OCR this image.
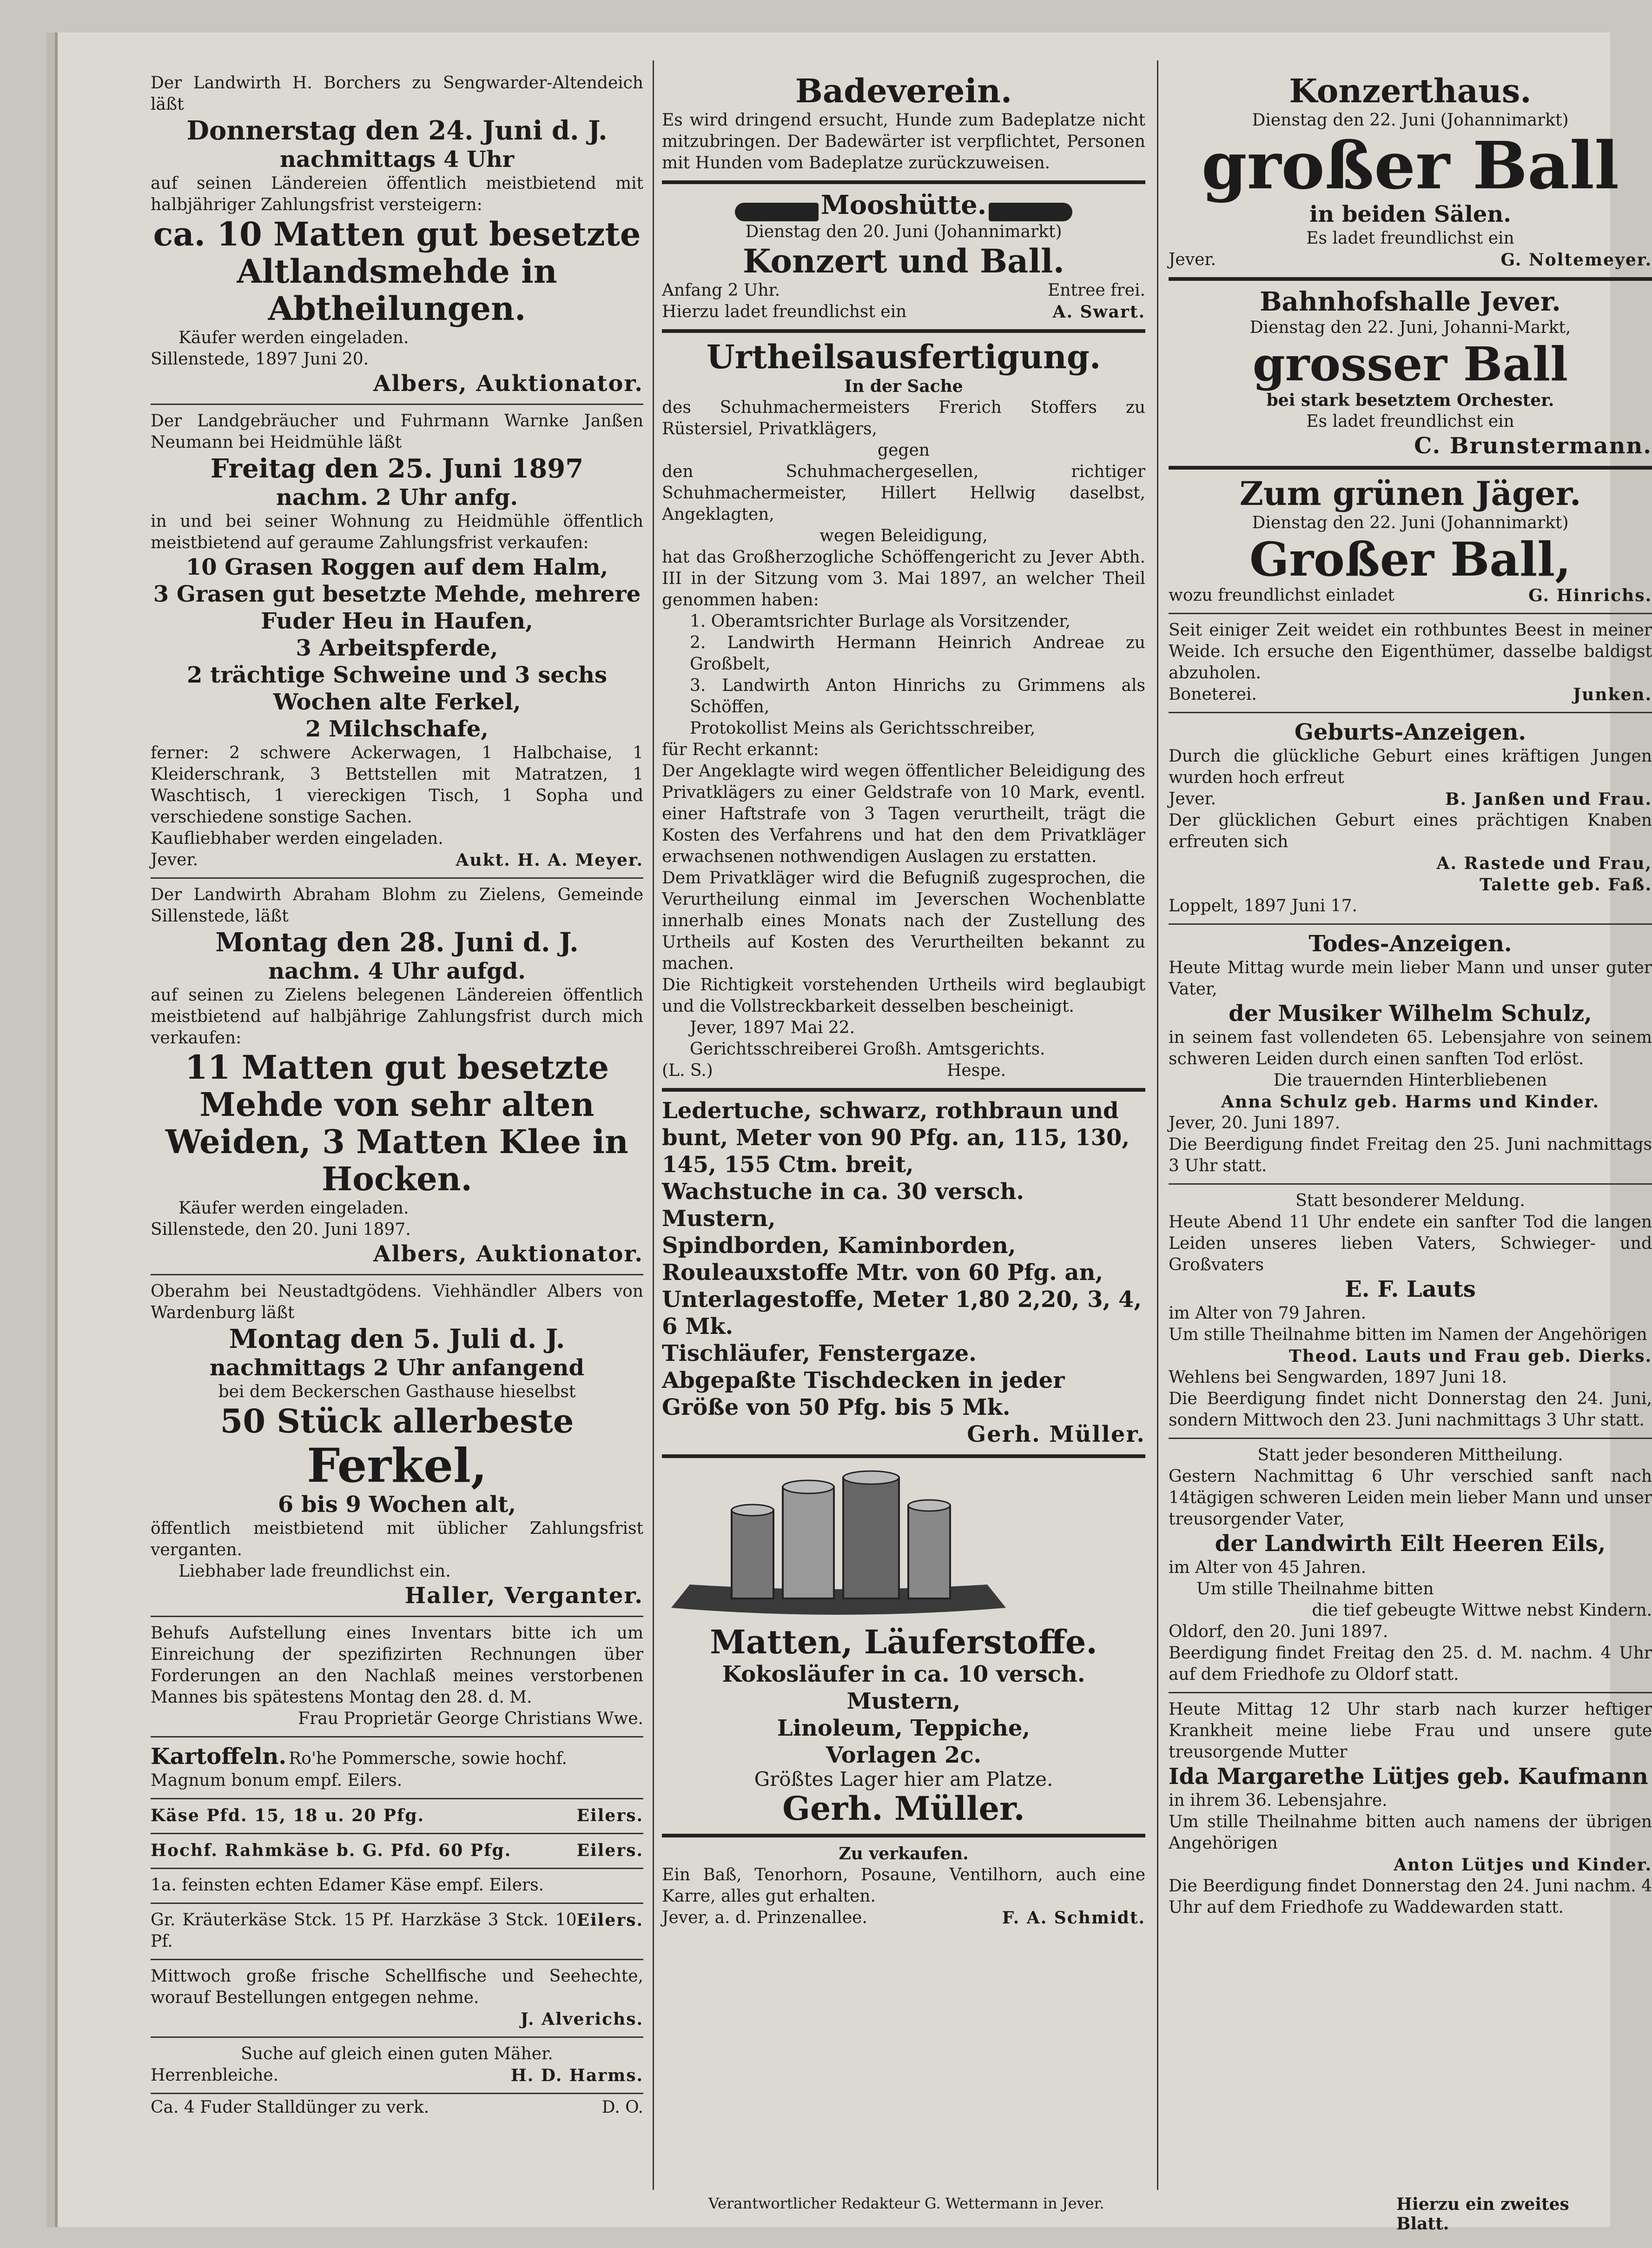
Der Landwirth H. Borchers zu Sengwarder-Altendeich läßt
Donnerstag den 24. Juni d. J.
nachmittags 4 Uhr
auf seinen Ländereien öffentlich meistbietend mit halbjähriger Zahlungsfrist versteigern:
ca. 10 Matten gut besetzte Altlandsmehde in Abtheilungen.
Käufer werden eingeladen.
Sillenstede, 1897 Juni 20.
Albers, Auktionator.
Der Landgebräucher und Fuhrmann Warnke Janßen Neumann bei Heidmühle läßt
Freitag den 25. Juni 1897
nachm. 2 Uhr anfg.
in und bei seiner Wohnung zu Heidmühle öffentlich meistbietend auf geraume Zahlungsfrist verkaufen:
10 Grasen Roggen auf dem Halm,
3 Grasen gut besetzte Mehde, mehrere Fuder Heu in Haufen,
3 Arbeitspferde,
2 trächtige Schweine und 3 sechs Wochen alte Ferkel,
2 Milchschafe,
ferner: 2 schwere Ackerwagen, 1 Halbchaise, 1 Kleiderschrank, 3 Bettstellen mit Matratzen, 1 Waschtisch, 1 viereckigen Tisch, 1 Sopha und verschiedene sonstige Sachen.
Kaufliebhaber werden eingeladen.
Jever.	Aukt. H. A. Meyer.
Der Landwirth Abraham Blohm zu Zielens, Gemeinde Sillenstede, läßt
Montag den 28. Juni d. J.
nachm. 4 Uhr aufgd.
auf seinen zu Zielens belegenen Ländereien öffentlich meistbietend auf halbjährige Zahlungsfrist durch mich verkaufen:
11 Matten gut besetzte Mehde von sehr alten Weiden, 3 Matten Klee in Hocken.
Käufer werden eingeladen.
Sillenstede, den 20. Juni 1897.
Albers, Auktionator.
Oberahm bei Neustadtgödens. Viehhändler Albers von Wardenburg läßt
Montag den 5. Juli d. J.
nachmittags 2 Uhr anfangend
bei dem Beckerschen Gasthause hieselbst
50 Stück allerbeste
Ferkel,
6 bis 9 Wochen alt,
öffentlich meistbietend mit üblicher Zahlungsfrist verganten.
Liebhaber lade freundlichst ein.
Haller, Verganter.
Behufs Aufstellung eines Inventars bitte ich um Einreichung der spezifizirten Rechnungen über Forderungen an den Nachlaß meines verstorbenen Mannes bis spätestens Montag den 28. d. M.
Frau Proprietär George Christians Wwe.
Kartoffeln. Ro'he Pommersche, sowie hochf. Magnum bonum empf. Eilers.
Käse Pfd. 15, 18 u. 20 Pfg.	Eilers.
Hochf. Rahmkäse b. G. Pfd. 60 Pfg.	Eilers.
1a. feinsten echten Edamer Käse empf. Eilers.
Gr. Kräuterkäse Stck. 15 Pf. Harzkäse 3 Stck. 10 Pf.
Eilers.
Mittwoch große frische Schellfische und Seehechte, worauf Bestellungen entgegen nehme.
J. Alverichs.
Suche auf gleich einen guten Mäher.
Herrenbleiche.	H. D. Harms.
Ca. 4 Fuder Stalldünger zu verk.	D. O.
Badeverein.
Es wird dringend ersucht, Hunde zum Badeplatze nicht mitzubringen. Der Badewärter ist verpflichtet, Personen mit Hunden vom Badeplatze zurückzuweisen.
Mooshütte.
Dienstag den 20. Juni (Johannimarkt)
Konzert und Ball.
Anfang 2 Uhr.	Entree frei.
Hierzu ladet freundlichst ein	A. Swart.
Urtheilsausfertigung.
In der Sache
des Schuhmachermeisters Frerich Stoffers zu Rüstersiel, Privatklägers,
gegen
den Schuhmachergesellen, richtiger Schuhmachermeister, Hillert Hellwig daselbst, Angeklagten,
wegen Beleidigung,
hat das Großherzogliche Schöffengericht zu Jever Abth. III in der Sitzung vom 3. Mai 1897, an welcher Theil genommen haben:
1. Oberamtsrichter Burlage als Vorsitzender,
2. Landwirth Hermann Heinrich Andreae zu Großbelt,
3. Landwirth Anton Hinrichs zu Grimmens als Schöffen,
Protokollist Meins als Gerichtsschreiber,
für Recht erkannt:
Der Angeklagte wird wegen öffentlicher Beleidigung des Privatklägers zu einer Geldstrafe von 10 Mark, eventl. einer Haftstrafe von 3 Tagen verurtheilt, trägt die Kosten des Verfahrens und hat den dem Privatkläger erwachsenen nothwendigen Auslagen zu erstatten.
Dem Privatkläger wird die Befugniß zugesprochen, die Verurtheilung einmal im Jeverschen Wochenblatte innerhalb eines Monats nach der Zustellung des Urtheils auf Kosten des Verurtheilten bekannt zu machen.
Die Richtigkeit vorstehenden Urtheils wird beglaubigt und die Vollstreckbarkeit desselben bescheinigt.
Jever, 1897 Mai 22.
Gerichtsschreiberei Großh. Amtsgerichts.
(L. S.)	Hespe.
Ledertuche, schwarz, rothbraun und bunt, Meter von 90 Pfg. an, 115, 130, 145, 155 Ctm. breit,
Wachstuche in ca. 30 versch. Mustern,
Spindborden, Kaminborden,
Rouleauxstoffe Mtr. von 60 Pfg. an,
Unterlagestoffe, Meter 1,80 2,20, 3, 4, 6 Mk.
Tischläufer, Fenstergaze.
Abgepaßte Tischdecken in jeder Größe von 50 Pfg. bis 5 Mk.
Gerh. Müller.
Matten, Läuferstoffe.
Kokosläufer in ca. 10 versch. Mustern,
Linoleum, Teppiche,
Vorlagen 2c.
Größtes Lager hier am Platze.
Gerh. Müller.
Zu verkaufen.
Ein Baß, Tenorhorn, Posaune, Ventilhorn, auch eine Karre, alles gut erhalten.
Jever, a. d. Prinzenallee.	F. A. Schmidt.
Konzerthaus.
Dienstag den 22. Juni (Johannimarkt)
großer Ball
in beiden Sälen.
Es ladet freundlichst ein
Jever.	G. Noltemeyer.
Bahnhofshalle Jever.
Dienstag den 22. Juni, Johanni-Markt,
grosser Ball
bei stark besetztem Orchester.
Es ladet freundlichst ein
C. Brunstermann.
Zum grünen Jäger.
Dienstag den 22. Juni (Johannimarkt)
Großer Ball,
wozu freundlichst einladet	G. Hinrichs.
Seit einiger Zeit weidet ein rothbuntes Beest in meiner Weide. Ich ersuche den Eigenthümer, dasselbe baldigst abzuholen.
Boneterei.	Junken.
Geburts-Anzeigen.
Durch die glückliche Geburt eines kräftigen Jungen wurden hoch erfreut
Jever.	B. Janßen und Frau.
Der glücklichen Geburt eines prächtigen Knaben erfreuten sich
A. Rastede und Frau,
Talette geb. Faß.
Loppelt, 1897 Juni 17.
Todes-Anzeigen.
Heute Mittag wurde mein lieber Mann und unser guter Vater,
der Musiker Wilhelm Schulz,
in seinem fast vollendeten 65. Lebensjahre von seinem schweren Leiden durch einen sanften Tod erlöst.
Die trauernden Hinterbliebenen
Anna Schulz geb. Harms und Kinder.
Jever, 20. Juni 1897.
Die Beerdigung findet Freitag den 25. Juni nachmittags 3 Uhr statt.
Statt besonderer Meldung.
Heute Abend 11 Uhr endete ein sanfter Tod die langen Leiden unseres lieben Vaters, Schwieger- und Großvaters
E. F. Lauts
im Alter von 79 Jahren.
Um stille Theilnahme bitten im Namen der Angehörigen
Theod. Lauts und Frau geb. Dierks.
Wehlens bei Sengwarden, 1897 Juni 18.
Die Beerdigung findet nicht Donnerstag den 24. Juni, sondern Mittwoch den 23. Juni nachmittags 3 Uhr statt.
Statt jeder besonderen Mittheilung.
Gestern Nachmittag 6 Uhr verschied sanft nach 14tägigen schweren Leiden mein lieber Mann und unser treusorgender Vater,
der Landwirth Eilt Heeren Eils,
im Alter von 45 Jahren.
Um stille Theilnahme bitten
die tief gebeugte Wittwe nebst Kindern.
Oldorf, den 20. Juni 1897.
Beerdigung findet Freitag den 25. d. M. nachm. 4 Uhr auf dem Friedhofe zu Oldorf statt.
Heute Mittag 12 Uhr starb nach kurzer heftiger Krankheit meine liebe Frau und unsere gute treusorgende Mutter
Ida Margarethe Lütjes geb. Kaufmann
in ihrem 36. Lebensjahre.
Um stille Theilnahme bitten auch namens der übrigen Angehörigen
Anton Lütjes und Kinder.
Die Beerdigung findet Donnerstag den 24. Juni nachm. 4 Uhr auf dem Friedhofe zu Waddewarden statt.
Verantwortlicher Redakteur G. Wettermann in Jever.	Hierzu ein zweites Blatt.
